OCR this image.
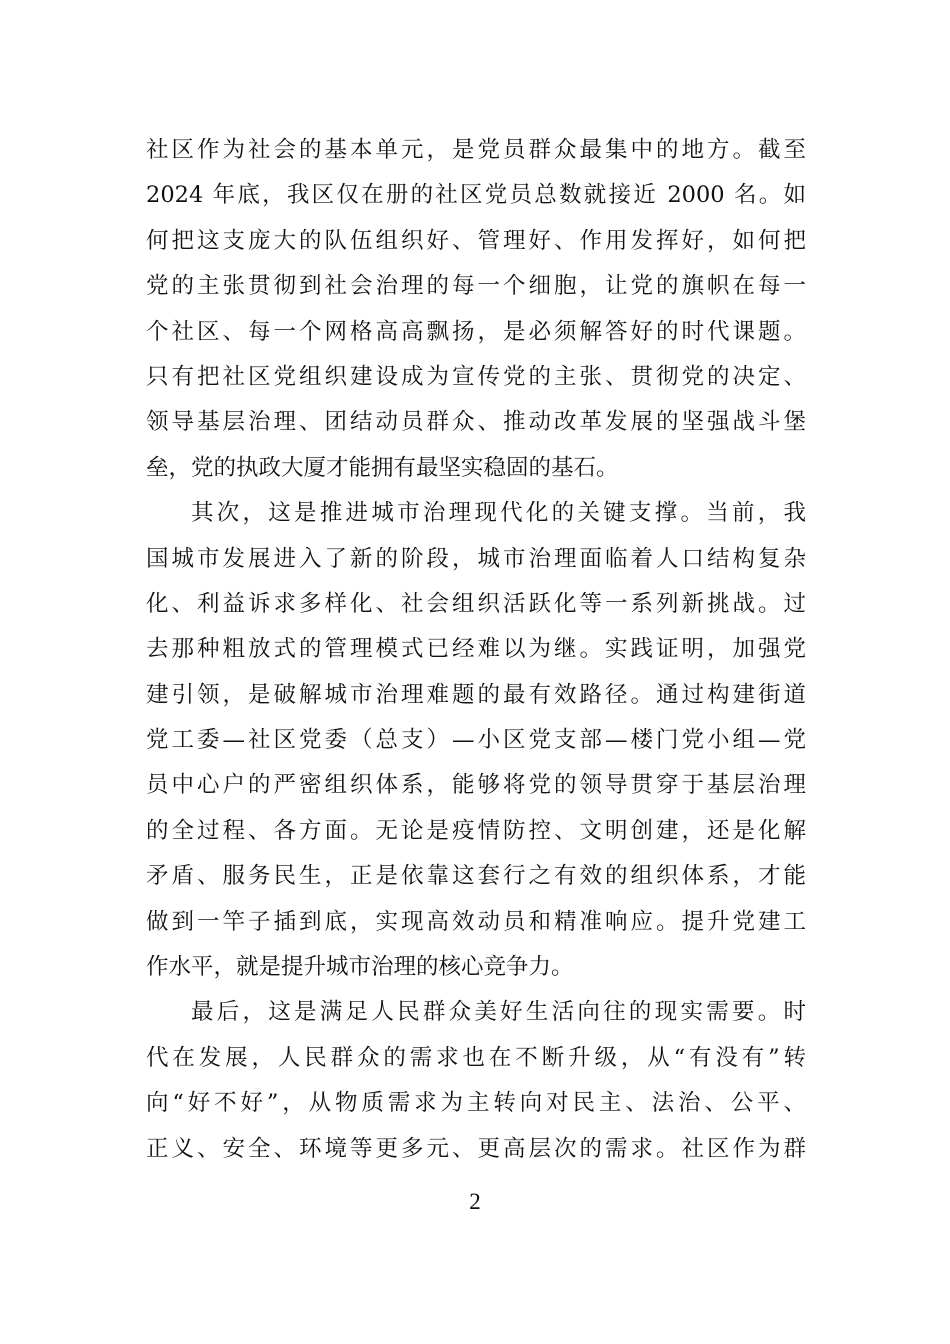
社区作为社会的基本单元，是党员群众最集中的地方。截至
2024 年底，我区仅在册的社区党员总数就接近 2000 名。如
何把这支庞大的队伍组织好、管理好、作用发挥好，如何把
党的主张贯彻到社会治理的每一个细胞，让党的旗帜在每一
个社区、每一个网格高高飘扬，是必须解答好的时代课题。
只有把社区党组织建设成为宣传党的主张、贯彻党的决定、
领导基层治理、团结动员群众、推动改革发展的坚强战斗堡
垒，党的执政大厦才能拥有最坚实稳固的基石。
其次，这是推进城市治理现代化的关键支撑。当前，我
国城市发展进入了新的阶段，城市治理面临着人口结构复杂
化、利益诉求多样化、社会组织活跃化等一系列新挑战。过
去那种粗放式的管理模式已经难以为继。实践证明，加强党
建引领，是破解城市治理难题的最有效路径。通过构建街道
党工委—社区党委（总支）—小区党支部—楼门党小组—党
员中心户的严密组织体系，能够将党的领导贯穿于基层治理
的全过程、各方面。无论是疫情防控、文明创建，还是化解
矛盾、服务民生，正是依靠这套行之有效的组织体系，才能
做到一竿子插到底，实现高效动员和精准响应。提升党建工
作水平，就是提升城市治理的核心竞争力。
最后，这是满足人民群众美好生活向往的现实需要。时
代在发展，人民群众的需求也在不断升级，从“有没有”转
向“好不好”，从物质需求为主转向对民主、法治、公平、
正义、安全、环境等更多元、更高层次的需求。社区作为群
2
